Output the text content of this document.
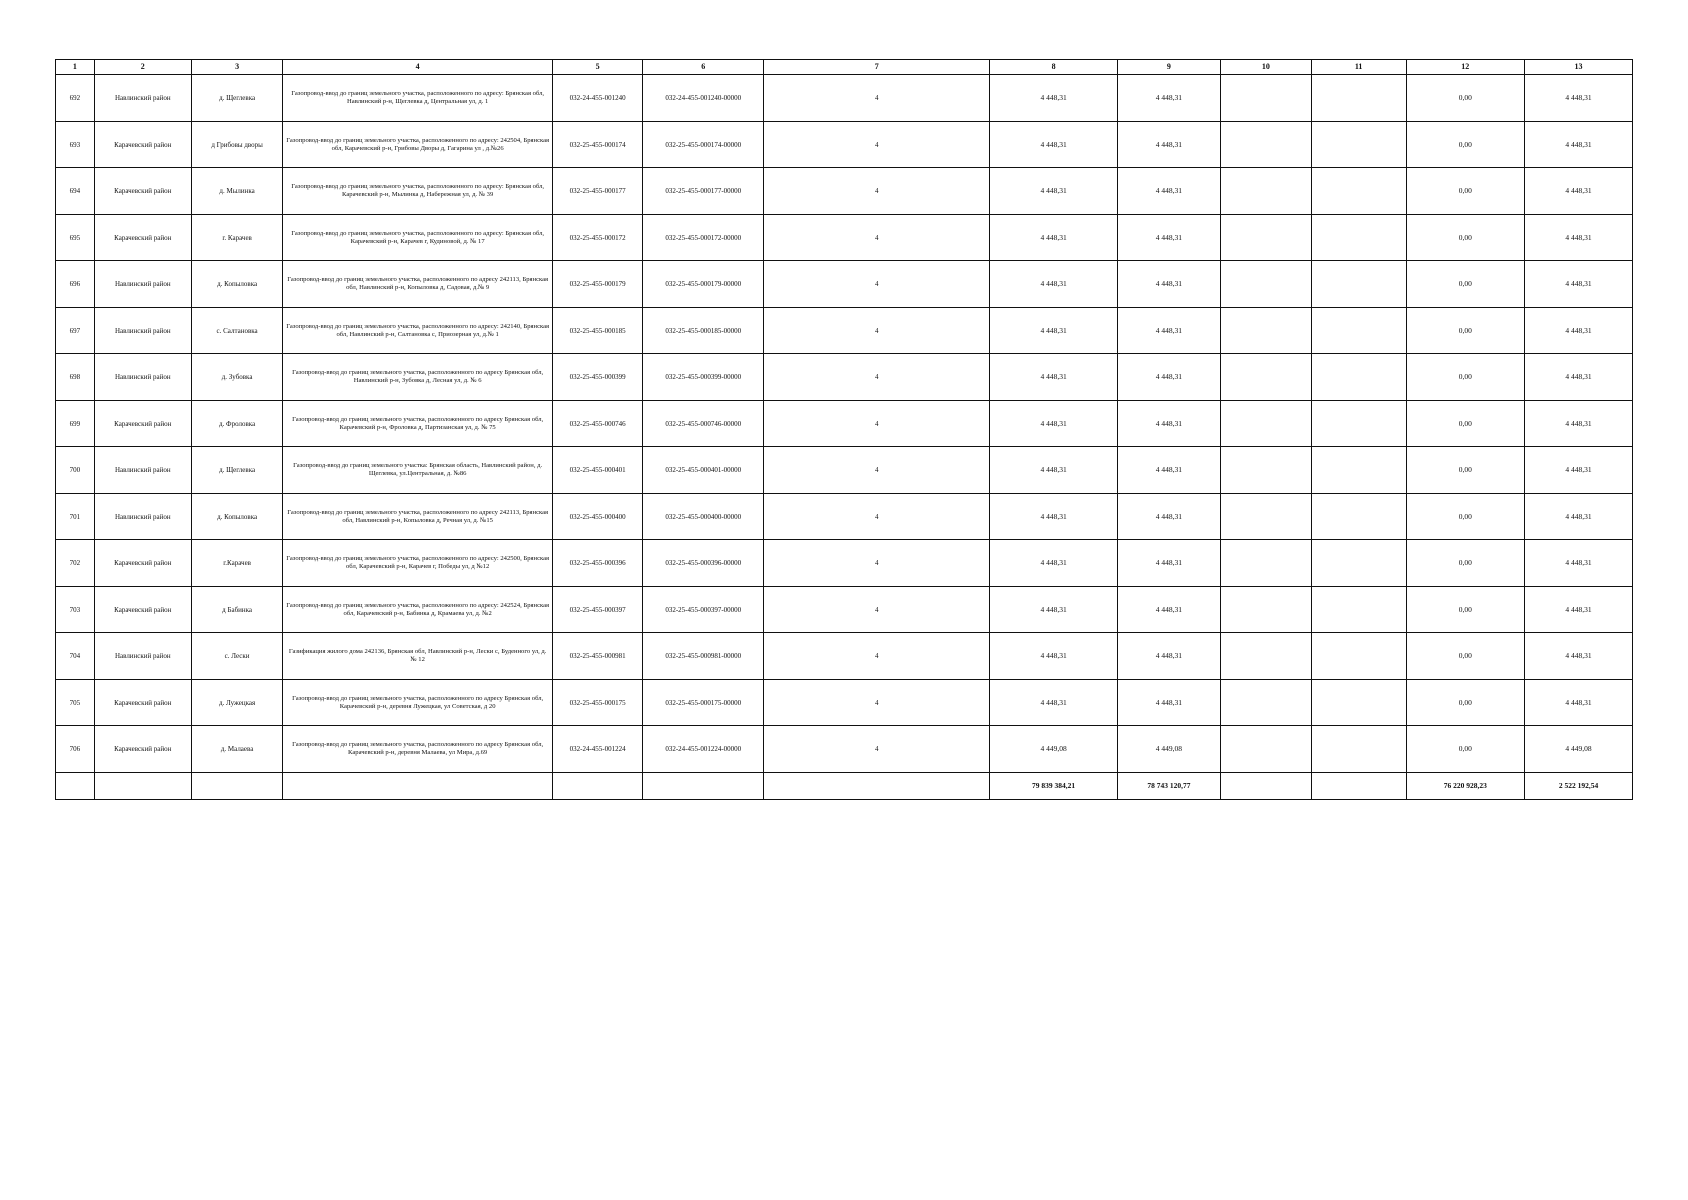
1	2	3	4	5	6	7	8	9	10	11	12	13
692	Навлинский район	д. Щеглевка	Газопровод-ввод до границ земельного участка, расположенного по адресу: Брянская обл, Навлинский р-н, Щеглевка д, Центральная ул, д. 1	032-24-455-001240	032-24-455-001240-00000	4	4 448,31	4 448,31			0,00	4 448,31
693	Карачевский район	д Грибовы дворы	Газопровод-ввод до границ земельного участка, расположенного по адресу: 242504, Брянская обл, Карачевский р-н, Грибовы Дворы д, Гагарина ул , д.№26	032-25-455-000174	032-25-455-000174-00000	4	4 448,31	4 448,31			0,00	4 448,31
694	Карачевский район	д. Мылинка	Газопровод-ввод до границ земельного участка, расположенного по адресу: Брянская обл, Карачевский р-н, Мылинка д, Набережная ул, д. № 39	032-25-455-000177	032-25-455-000177-00000	4	4 448,31	4 448,31			0,00	4 448,31
695	Карачевский район	г. Карачев	Газопровод-ввод до границ земельного участка, расположенного по адресу: Брянская обл, Карачевский р-н, Карачев г, Кудиновой, д. № 17	032-25-455-000172	032-25-455-000172-00000	4	4 448,31	4 448,31			0,00	4 448,31
696	Навлинский район	д. Копыловка	Газопровод-ввод до границ земельного участка, расположенного по адресу 242113, Брянская обл, Навлинский р-н, Копыловка д, Садовая, д.№ 9	032-25-455-000179	032-25-455-000179-00000	4	4 448,31	4 448,31			0,00	4 448,31
697	Навлинский район	с. Салтановка	Газопровод-ввод до границ земельного участка, расположенного по адресу: 242140, Брянская обл, Навлинский р-н, Салтановка с, Приозерная ул, д.№ 1	032-25-455-000185	032-25-455-000185-00000	4	4 448,31	4 448,31			0,00	4 448,31
698	Навлинский район	д. Зубовка	Газопровод-ввод до границ земельного участка, расположенного по адресу Брянская обл, Навлинский р-н, Зубовка д, Лесная ул, д. № 6	032-25-455-000399	032-25-455-000399-00000	4	4 448,31	4 448,31			0,00	4 448,31
699	Карачевский район	д. Фроловка	Газопровод-ввод до границ земельного участка, расположенного по адресу Брянская обл, Карачевский р-н, Фроловка д, Партизанская ул, д. № 75	032-25-455-000746	032-25-455-000746-00000	4	4 448,31	4 448,31			0,00	4 448,31
700	Навлинский район	д. Щеглевка	Газопровод-ввод до границ земельного участка: Брянская область, Навлинский район, д. Щеглевка, ул.Центральная, д. №86	032-25-455-000401	032-25-455-000401-00000	4	4 448,31	4 448,31			0,00	4 448,31
701	Навлинский район	д. Копыловка	Газопровод-ввод до границ земельного участка, расположенного по адресу 242113, Брянская обл, Навлинский р-н, Копыловка д, Речная ул, д. №15	032-25-455-000400	032-25-455-000400-00000	4	4 448,31	4 448,31			0,00	4 448,31
702	Карачевский район	г.Карачев	Газопровод-ввод до границ земельного участка, расположенного по адресу: 242500, Брянская обл, Карачевский р-н, Карачев г, Победы ул, д №12	032-25-455-000396	032-25-455-000396-00000	4	4 448,31	4 448,31			0,00	4 448,31
703	Карачевский район	д Бабинка	Газопровод-ввод до границ земельного участка, расположенного по адресу: 242524, Брянская обл, Карачевский р-н, Бабинка д, Крамаева ул, д. №2	032-25-455-000397	032-25-455-000397-00000	4	4 448,31	4 448,31			0,00	4 448,31
704	Навлинский район	с. Лески	Газификация жилого дома 242136, Брянская обл, Навлинский р-н, Лески с, Буденного ул, д. № 12	032-25-455-000981	032-25-455-000981-00000	4	4 448,31	4 448,31			0,00	4 448,31
705	Карачевский район	д. Лужецкая	Газопровод-ввод до границ земельного участка, расположенного по адресу Брянская обл, Карачевский р-н, деревня Лужецкая, ул Советская, д 20	032-25-455-000175	032-25-455-000175-00000	4	4 448,31	4 448,31			0,00	4 448,31
706	Карачевский район	д. Малаева	Газопровод-ввод до границ земельного участка, расположенного по адресу Брянская обл, Карачевский р-н, деревня Малаева, ул Мира, д.69	032-24-455-001224	032-24-455-001224-00000	4	4 449,08	4 449,08			0,00	4 449,08
							79 839 384,21	78 743 120,77			76 220 928,23	2 522 192,54
